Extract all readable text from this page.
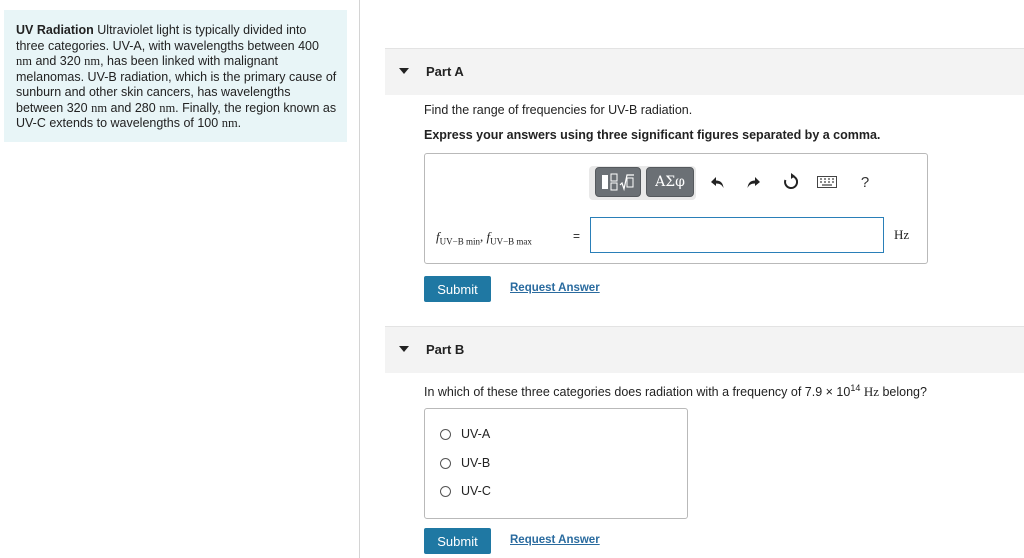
UV Radiation Ultraviolet light is typically divided into three categories. UV-A, with wavelengths between 400 nm and 320 nm, has been linked with malignant melanomas. UV-B radiation, which is the primary cause of sunburn and other skin cancers, has wavelengths between 320 nm and 280 nm. Finally, the region known as UV-C extends to wavelengths of 100 nm.
Part A
Find the range of frequencies for UV-B radiation.
Express your answers using three significant figures separated by a comma.
ΑΣφ	?
$f_{UV-B min}$, $f_{UV-B max}$	=	Hz
Submit	Request Answer
Part B
In which of these three categories does radiation with a frequency of $7.9 \times 10^{14}$ Hz belong?
UV-A
UV-B
UV-C
Submit	Request Answer
